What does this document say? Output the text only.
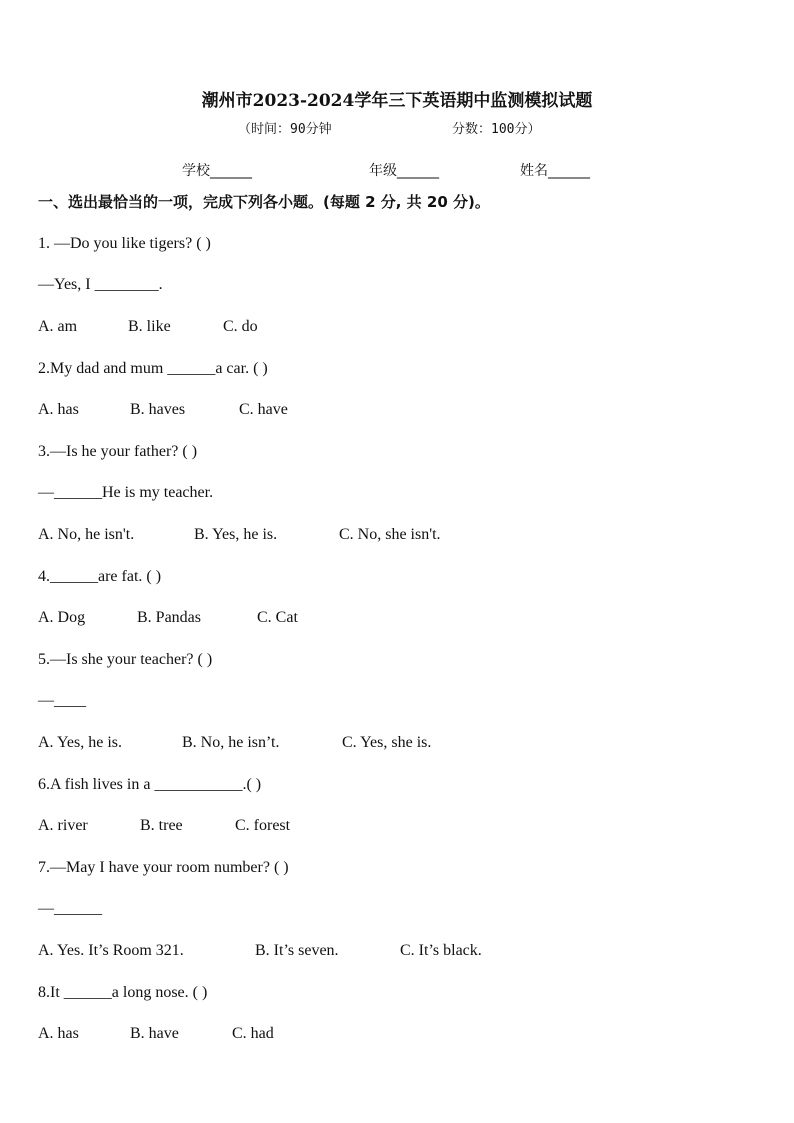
潮州市2023-2024学年三下英语期中监测模拟试题
（时间：90分钟	分数：100分）
学校______	年级______	姓名______
一、选出最恰当的一项，完成下列各小题。(每题 2 分, 共 20 分)。
1. —Do you like tigers? ( )
—Yes, I ________.
A. am	B. like	C. do
2.My dad and mum ______a car. ( )
A. has	B. haves	C. have
3.—Is he your father? ( )
—______He is my teacher.
A. No, he isn't.	B. Yes, he is.	C. No, she isn't.
4.______are fat. ( )
A. Dog	B. Pandas	C. Cat
5.—Is she your teacher? ( )
—____
A. Yes, he is.	B. No, he isn’t.	C. Yes, she is.
6.A fish lives in a ___________.( )
A. river	B. tree	C. forest
7.—May I have your room number? ( )
—______
A. Yes. It’s Room 321.	B. It’s seven.	C. It’s black.
8.It ______a long nose. ( )
A. has	B. have	C. had
